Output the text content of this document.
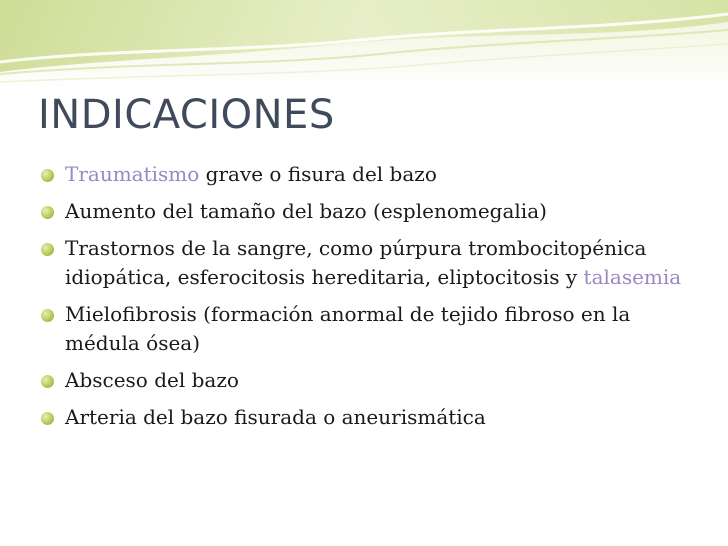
INDICACIONES
Traumatismo grave o fisura del bazo
Aumento del tamaño del bazo (esplenomegalia)
Trastornos de la sangre, como púrpura trombocitopénica idiopática, esferocitosis hereditaria, eliptocitosis y talasemia
Mielofibrosis (formación anormal de tejido fibroso en la médula ósea)
Absceso del bazo
Arteria del bazo fisurada o aneurismática
